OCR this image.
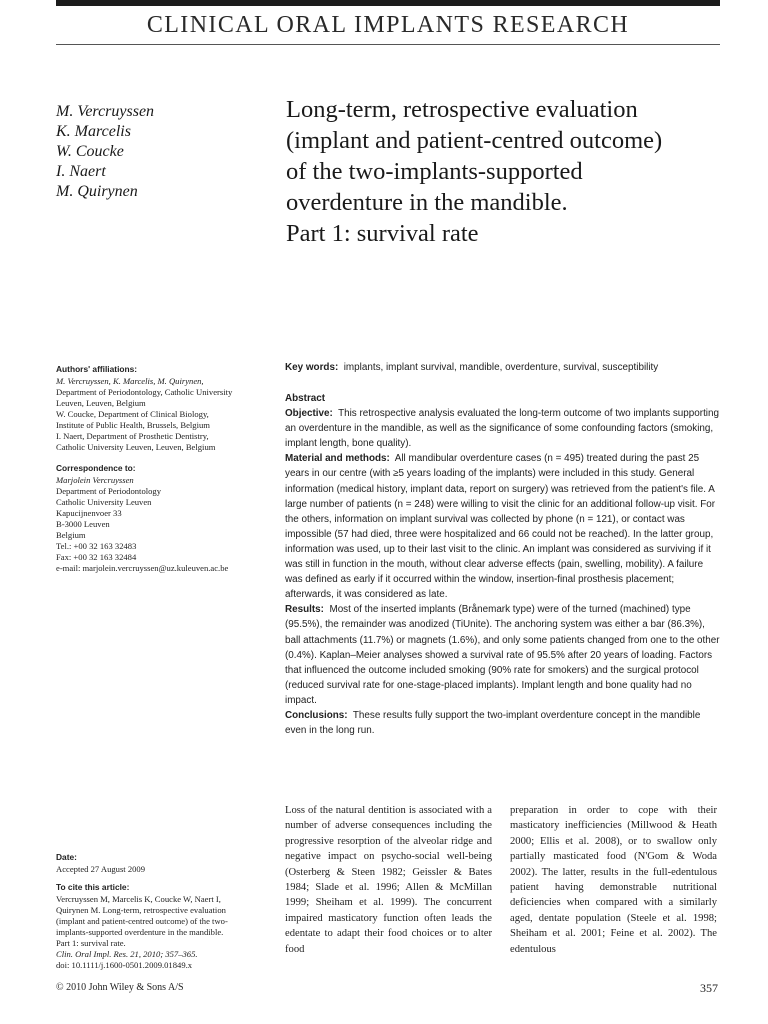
CLINICAL ORAL IMPLANTS RESEARCH
M. Vercruyssen
K. Marcelis
W. Coucke
I. Naert
M. Quirynen
Long-term, retrospective evaluation
(implant and patient-centred outcome)
of the two-implants-supported
overdenture in the mandible.
Part 1: survival rate
Authors' affiliations:
M. Vercruyssen, K. Marcelis, M. Quirynen,
Department of Periodontology, Catholic University
Leuven, Leuven, Belgium
W. Coucke, Department of Clinical Biology,
Institute of Public Health, Brussels, Belgium
I. Naert, Department of Prosthetic Dentistry,
Catholic University Leuven, Leuven, Belgium
Correspondence to:
Marjolein Vercruyssen
Department of Periodontology
Catholic University Leuven
Kapucijnenvoer 33
B-3000 Leuven
Belgium
Tel.: +00 32 163 32483
Fax: +00 32 163 32484
e-mail: marjolein.vercruyssen@uz.kuleuven.ac.be
Date:
Accepted 27 August 2009
To cite this article:
Vercruyssen M, Marcelis K, Coucke W, Naert I,
Quirynen M. Long-term, retrospective evaluation
(implant and patient-centred outcome) of the two-
implants-supported overdenture in the mandible.
Part 1: survival rate.
Clin. Oral Impl. Res. 21, 2010; 357–365.
doi: 10.1111/j.1600-0501.2009.01849.x
Key words: implants, implant survival, mandible, overdenture, survival, susceptibility
Abstract
Objective: This retrospective analysis evaluated the long-term outcome of two implants supporting an overdenture in the mandible, as well as the significance of some confounding factors (smoking, implant length, bone quality).
Material and methods: All mandibular overdenture cases (n = 495) treated during the past 25 years in our centre (with ≥5 years loading of the implants) were included in this study. General information (medical history, implant data, report on surgery) was retrieved from the patient's file. A large number of patients (n = 248) were willing to visit the clinic for an additional follow-up visit. For the others, information on implant survival was collected by phone (n = 121), or contact was impossible (57 had died, three were hospitalized and 66 could not be reached). In the latter group, information was used, up to their last visit to the clinic. An implant was considered as surviving if it was still in function in the mouth, without clear adverse effects (pain, swelling, mobility). A failure was defined as early if it occurred within the window, insertion-final prosthesis placement; afterwards, it was considered as late.
Results: Most of the inserted implants (Brånemark type) were of the turned (machined) type (95.5%), the remainder was anodized (TiUnite). The anchoring system was either a bar (86.3%), ball attachments (11.7%) or magnets (1.6%), and only some patients changed from one to the other (0.4%). Kaplan–Meier analyses showed a survival rate of 95.5% after 20 years of loading. Factors that influenced the outcome included smoking (90% rate for smokers) and the surgical protocol (reduced survival rate for one-stage-placed implants). Implant length and bone quality had no impact.
Conclusions: These results fully support the two-implant overdenture concept in the mandible even in the long run.
Loss of the natural dentition is associated with a number of adverse consequences including the progressive resorption of the alveolar ridge and negative impact on psycho-social well-being (Osterberg & Steen 1982; Geissler & Bates 1984; Slade et al. 1996; Allen & McMillan 1999; Sheiham et al. 1999). The concurrent impaired masticatory function often leads the edentate to adapt their food choices or to alter food
preparation in order to cope with their masticatory inefficiencies (Millwood & Heath 2000; Ellis et al. 2008), or to swallow only partially masticated food (N'Gom & Woda 2002). The latter, results in the full-edentulous patient having demonstrable nutritional deficiencies when compared with a similarly aged, dentate population (Steele et al. 1998; Sheiham et al. 2001; Feine et al. 2002). The edentulous
© 2010 John Wiley & Sons A/S	357
